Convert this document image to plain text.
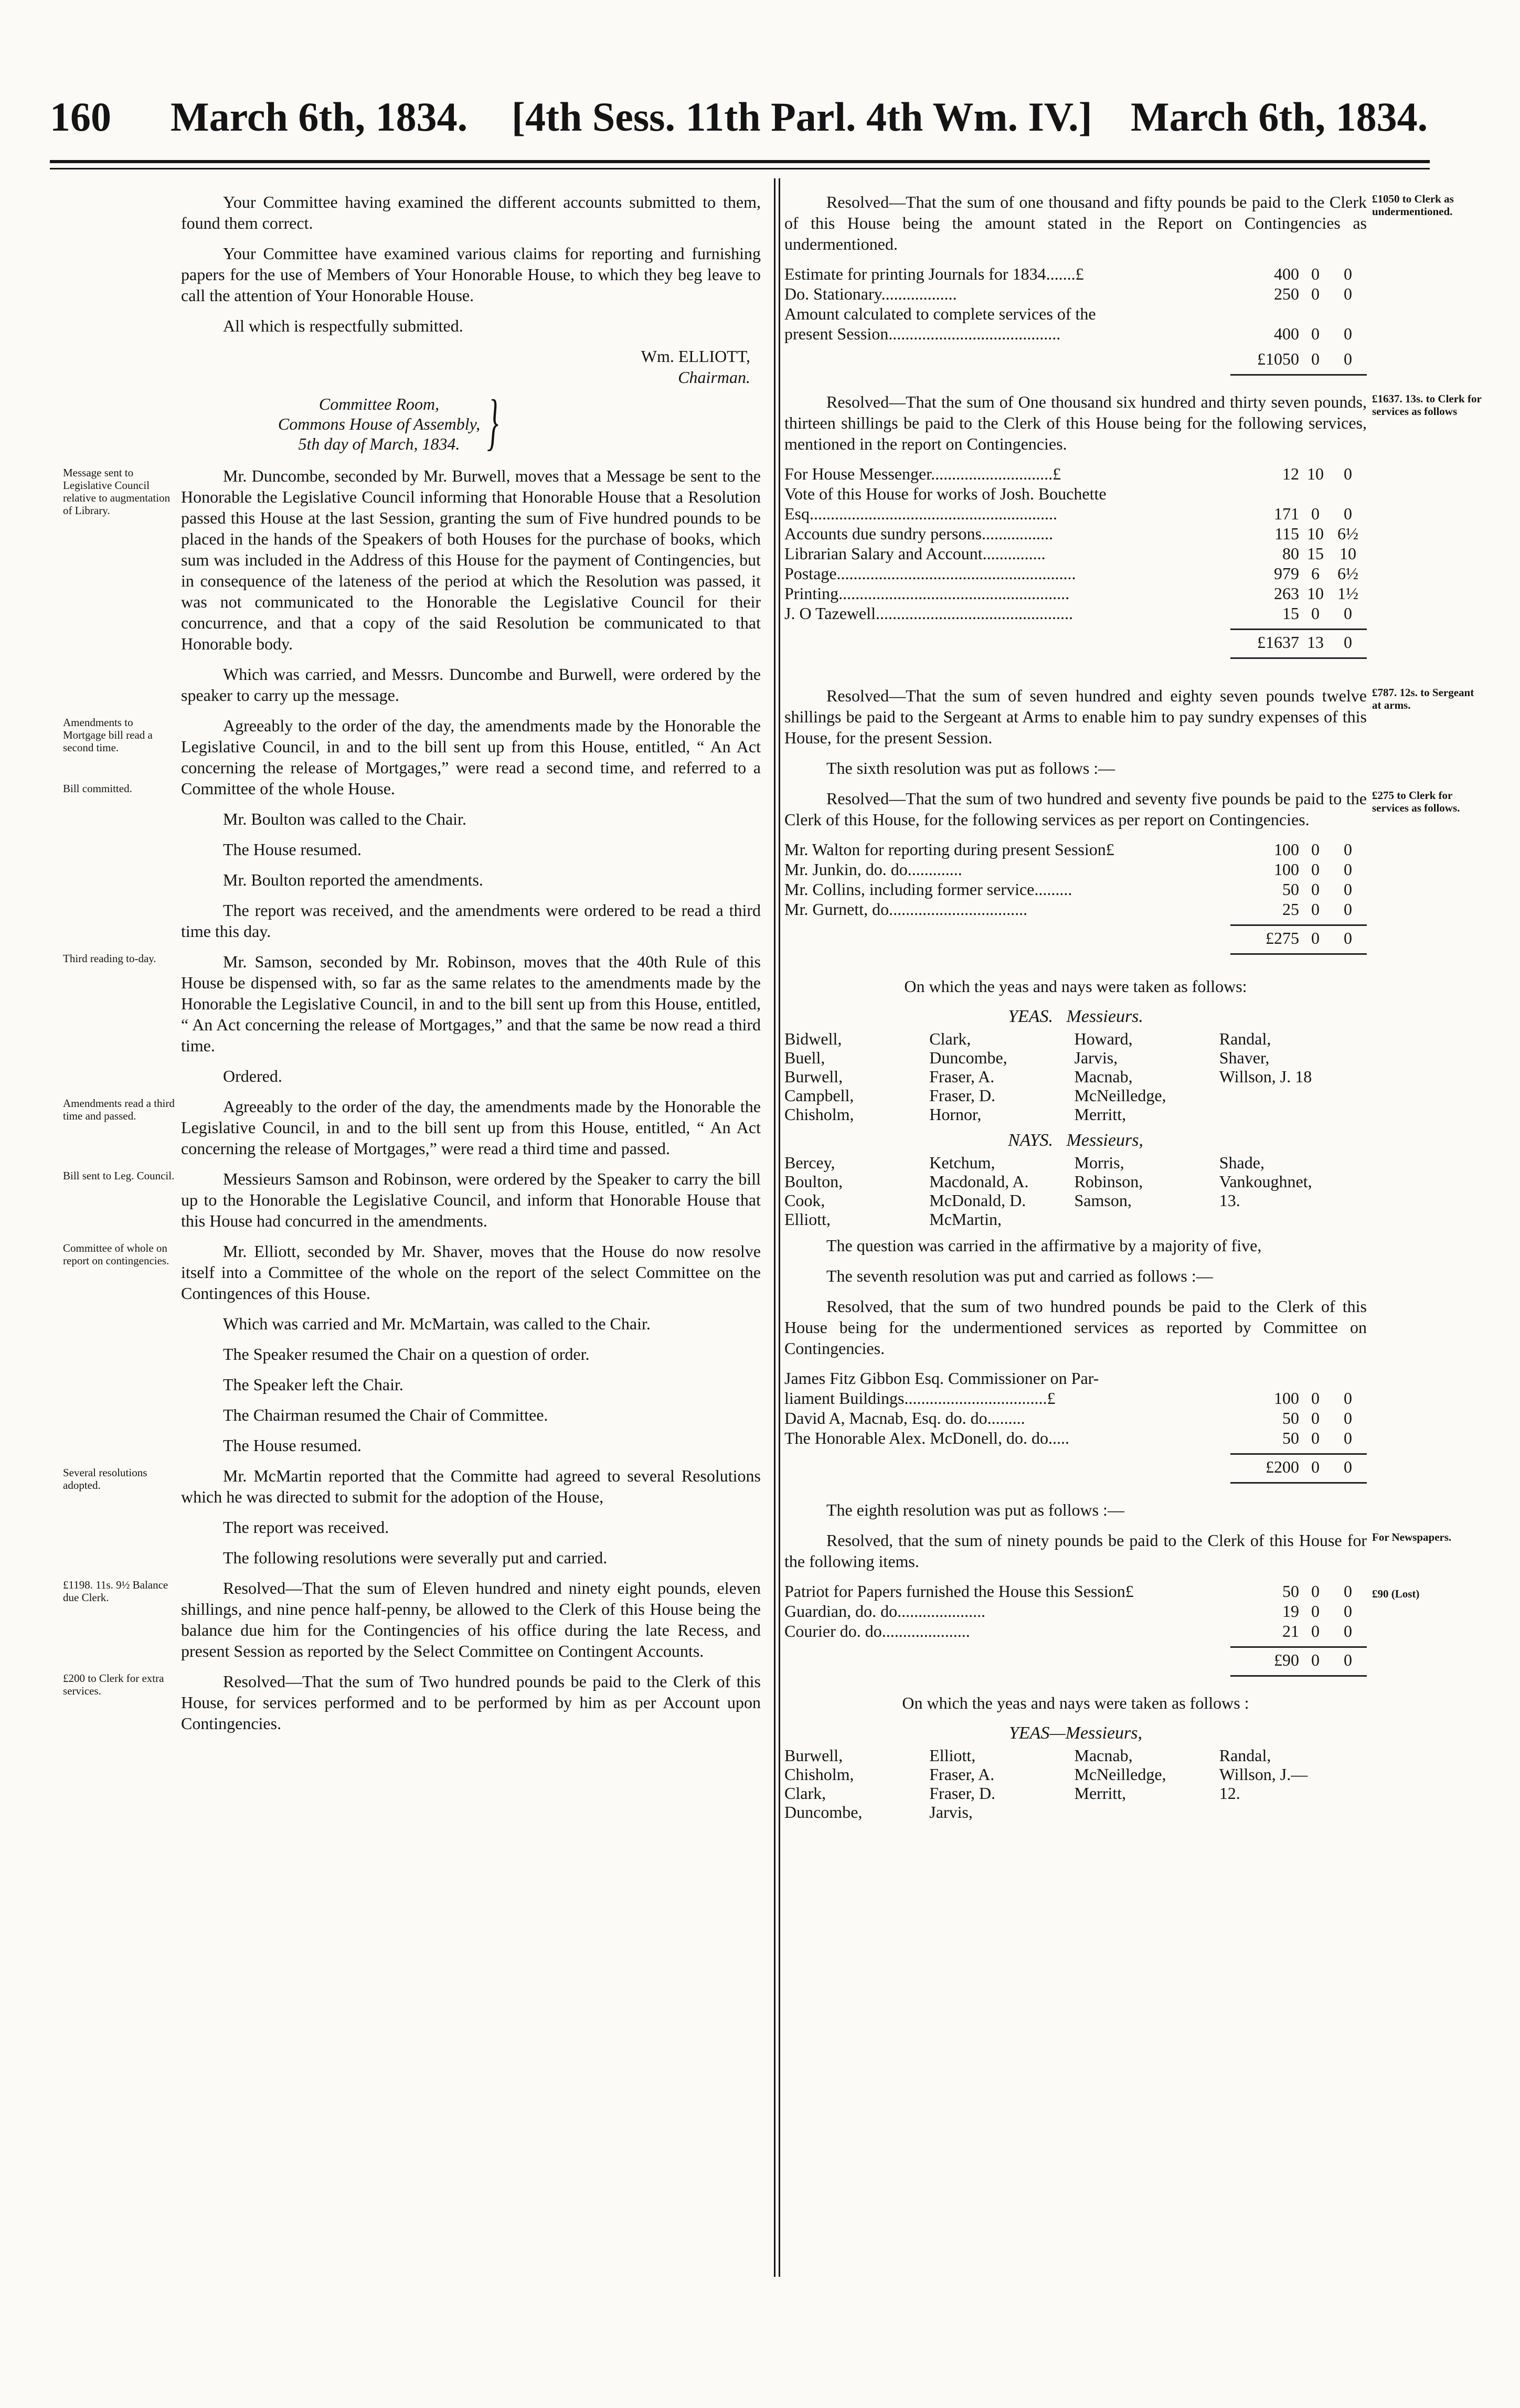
160 March 6th, 1834. [4th Sess. 11th Parl. 4th Wm. IV.] March 6th, 1834.

Your Committee having examined the different accounts submitted to them, found them correct.

Your Committee have examined various claims for reporting and furnishing papers for the use of Members of Your Honorable House, to which they beg leave to call the attention of Your Honorable House.

All which is respectfully submitted.

Wm. ELLIOTT,

Chairman.

Committee Room,
Commons House of Assembly,
5th day of March, 1834. }
Message sent to Legislative Council relative to augmentation of Library.

Mr. Duncombe, seconded by Mr. Burwell, moves that a Message be sent to the Honorable the Legislative Council informing that Honorable House that a Resolution passed this House at the last Session, granting the sum of Five hundred pounds to be placed in the hands of the Speakers of both Houses for the purchase of books, which sum was included in the Address of this House for the payment of Contingencies, but in consequence of the lateness of the period at which the Resolution was passed, it was not communicated to the Honorable the Legislative Council for their concurrence, and that a copy of the said Resolution be communicated to that Honorable body.

Which was carried, and Messrs. Duncombe and Burwell, were ordered by the speaker to carry up the message.

Amendments to Mortgage bill read a second time.
Bill committed.

Agreeably to the order of the day, the amendments made by the Honorable the Legislative Council, in and to the bill sent up from this House, entitled, “ An Act concerning the release of Mortgages,” were read a second time, and referred to a Committee of the whole House.

Mr. Boulton was called to the Chair.

The House resumed.

Mr. Boulton reported the amendments.

The report was received, and the amendments were ordered to be read a third time this day.

Third reading to-day.	Mr. Samson, seconded by Mr. Robinson, moves that the 40th Rule of this House be dispensed with, so far as the same relates to the amendments made by the Honorable the Legislative Council, in and to the bill sent up from this House, entitled, “ An Act concerning the release of Mortgages,” and that the same be now read a third time.

Ordered.

Amendments read a third time and passed.	Agreeably to the order of the day, the amendments made by the Honorable the Legislative Council, in and to the bill sent up from this House, entitled, “ An Act concerning the release of Mortgages,” were read a third time and passed.

Bill sent to Leg. Council.	Messieurs Samson and Robinson, were ordered by the Speaker to carry the bill up to the Honorable the Legislative Council, and inform that Honorable House that this House had concurred in the amendments.

Committee of whole on report on contingencies.	Mr. Elliott, seconded by Mr. Shaver, moves that the House do now resolve itself into a Committee of the whole on the report of the select Committee on the Contingences of this House.

Which was carried and Mr. McMartain, was called to the Chair.

The Speaker resumed the Chair on a question of order.

The Speaker left the Chair.

The Chairman resumed the Chair of Committee.

The House resumed.

Several resolutions adopted.	Mr. McMartin reported that the Committe had agreed to several Resolutions which he was directed to submit for the adoption of the House,

The report was received.

The following resolutions were severally put and carried.

£1198. 11s. 9½ Balance due Clerk.	Resolved—That the sum of Eleven hundred and ninety eight pounds, eleven shillings, and nine pence half-penny, be allowed to the Clerk of this House being the balance due him for the Contingencies of his office during the late Recess, and present Session as reported by the Select Committee on Contingent Accounts.

£200 to Clerk for extra services.	Resolved—That the sum of Two hundred pounds be paid to the Clerk of this House, for services performed and to be performed by him as per Account upon Contingencies.

£1050 to Clerk as undermentioned.

Resolved—That the sum of one thousand and fifty pounds be paid to the Clerk of this House being the amount stated in the Report on Contingencies as undermentioned.

Estimate for printing Journals for 1834.......£	400	0	0
Do. Stationary..................	250	0	0
Amount calculated to complete services of the			
present Session.........................................	400	0	0
	£1050	0	0
£1637. 13s. to Clerk for services as follows

Resolved—That the sum of One thousand six hundred and thirty seven pounds, thirteen shillings be paid to the Clerk of this House being for the following services, mentioned in the report on Contingencies.

For House Messenger.............................£	12	10	0
Vote of this House for works of Josh. Bouchette			
Esq...........................................................	171	0	0
Accounts due sundry persons.................	115	10	6½
Librarian Salary and Account...............	80	15	10
Postage.........................................................	979	6	6½
Printing.......................................................	263	10	1½
J. O Tazewell...............................................	15	0	0
	£1637	13	0
£787. 12s. to Sergeant at arms.

Resolved—That the sum of seven hundred and eighty seven pounds twelve shillings be paid to the Sergeant at Arms to enable him to pay sundry expenses of this House, for the present Session.

The sixth resolution was put as follows :—

£275 to Clerk for services as follows.

Resolved—That the sum of two hundred and seventy five pounds be paid to the Clerk of this House, for the following services as per report on Contingencies.

Mr. Walton for reporting during present Session£	100	0	0
Mr. Junkin, do. do.............	100	0	0
Mr. Collins, including former service.........	50	0	0
Mr. Gurnett, do.................................	25	0	0
	£275	0	0

On which the yeas and nays were taken as follows:

YEAS. Messieurs.
Bidwell,	Clark,	Howard,	Randal,
Buell,	Duncombe,	Jarvis,	Shaver,
Burwell,	Fraser, A.	Macnab,	Willson, J. 18
Campbell,	Fraser, D.	McNeilledge,	
Chisholm,	Hornor,	Merritt,	
NAYS. Messieurs,
Bercey,	Ketchum,	Morris,	Shade,
Boulton,	Macdonald, A.	Robinson,	Vankoughnet,
Cook,	McDonald, D.	Samson,	13.
Elliott,	McMartin,		

The question was carried in the affirmative by a majority of five,

The seventh resolution was put and carried as follows :—

Resolved, that the sum of two hundred pounds be paid to the Clerk of this House being for the undermentioned services as reported by Committee on Contingencies.

James Fitz Gibbon Esq. Commissioner on Par-			
liament Buildings..................................£	100	0	0
David A, Macnab, Esq. do. do.........	50	0	0
The Honorable Alex. McDonell, do. do.....	50	0	0
	£200	0	0

The eighth resolution was put as follows :—

For Newspapers.
£90 (Lost)

Resolved, that the sum of ninety pounds be paid to the Clerk of this House for the following items.

Patriot for Papers furnished the House this Session£	50	0	0
Guardian, do. do.....................	19	0	0
Courier do. do.....................	21	0	0
	£90	0	0

On which the yeas and nays were taken as follows :

YEAS—Messieurs,
Burwell,	Elliott,	Macnab,	Randal,
Chisholm,	Fraser, A.	McNeilledge,	Willson, J.—
Clark,	Fraser, D.	Merritt,	12.
Duncombe,	Jarvis,		
